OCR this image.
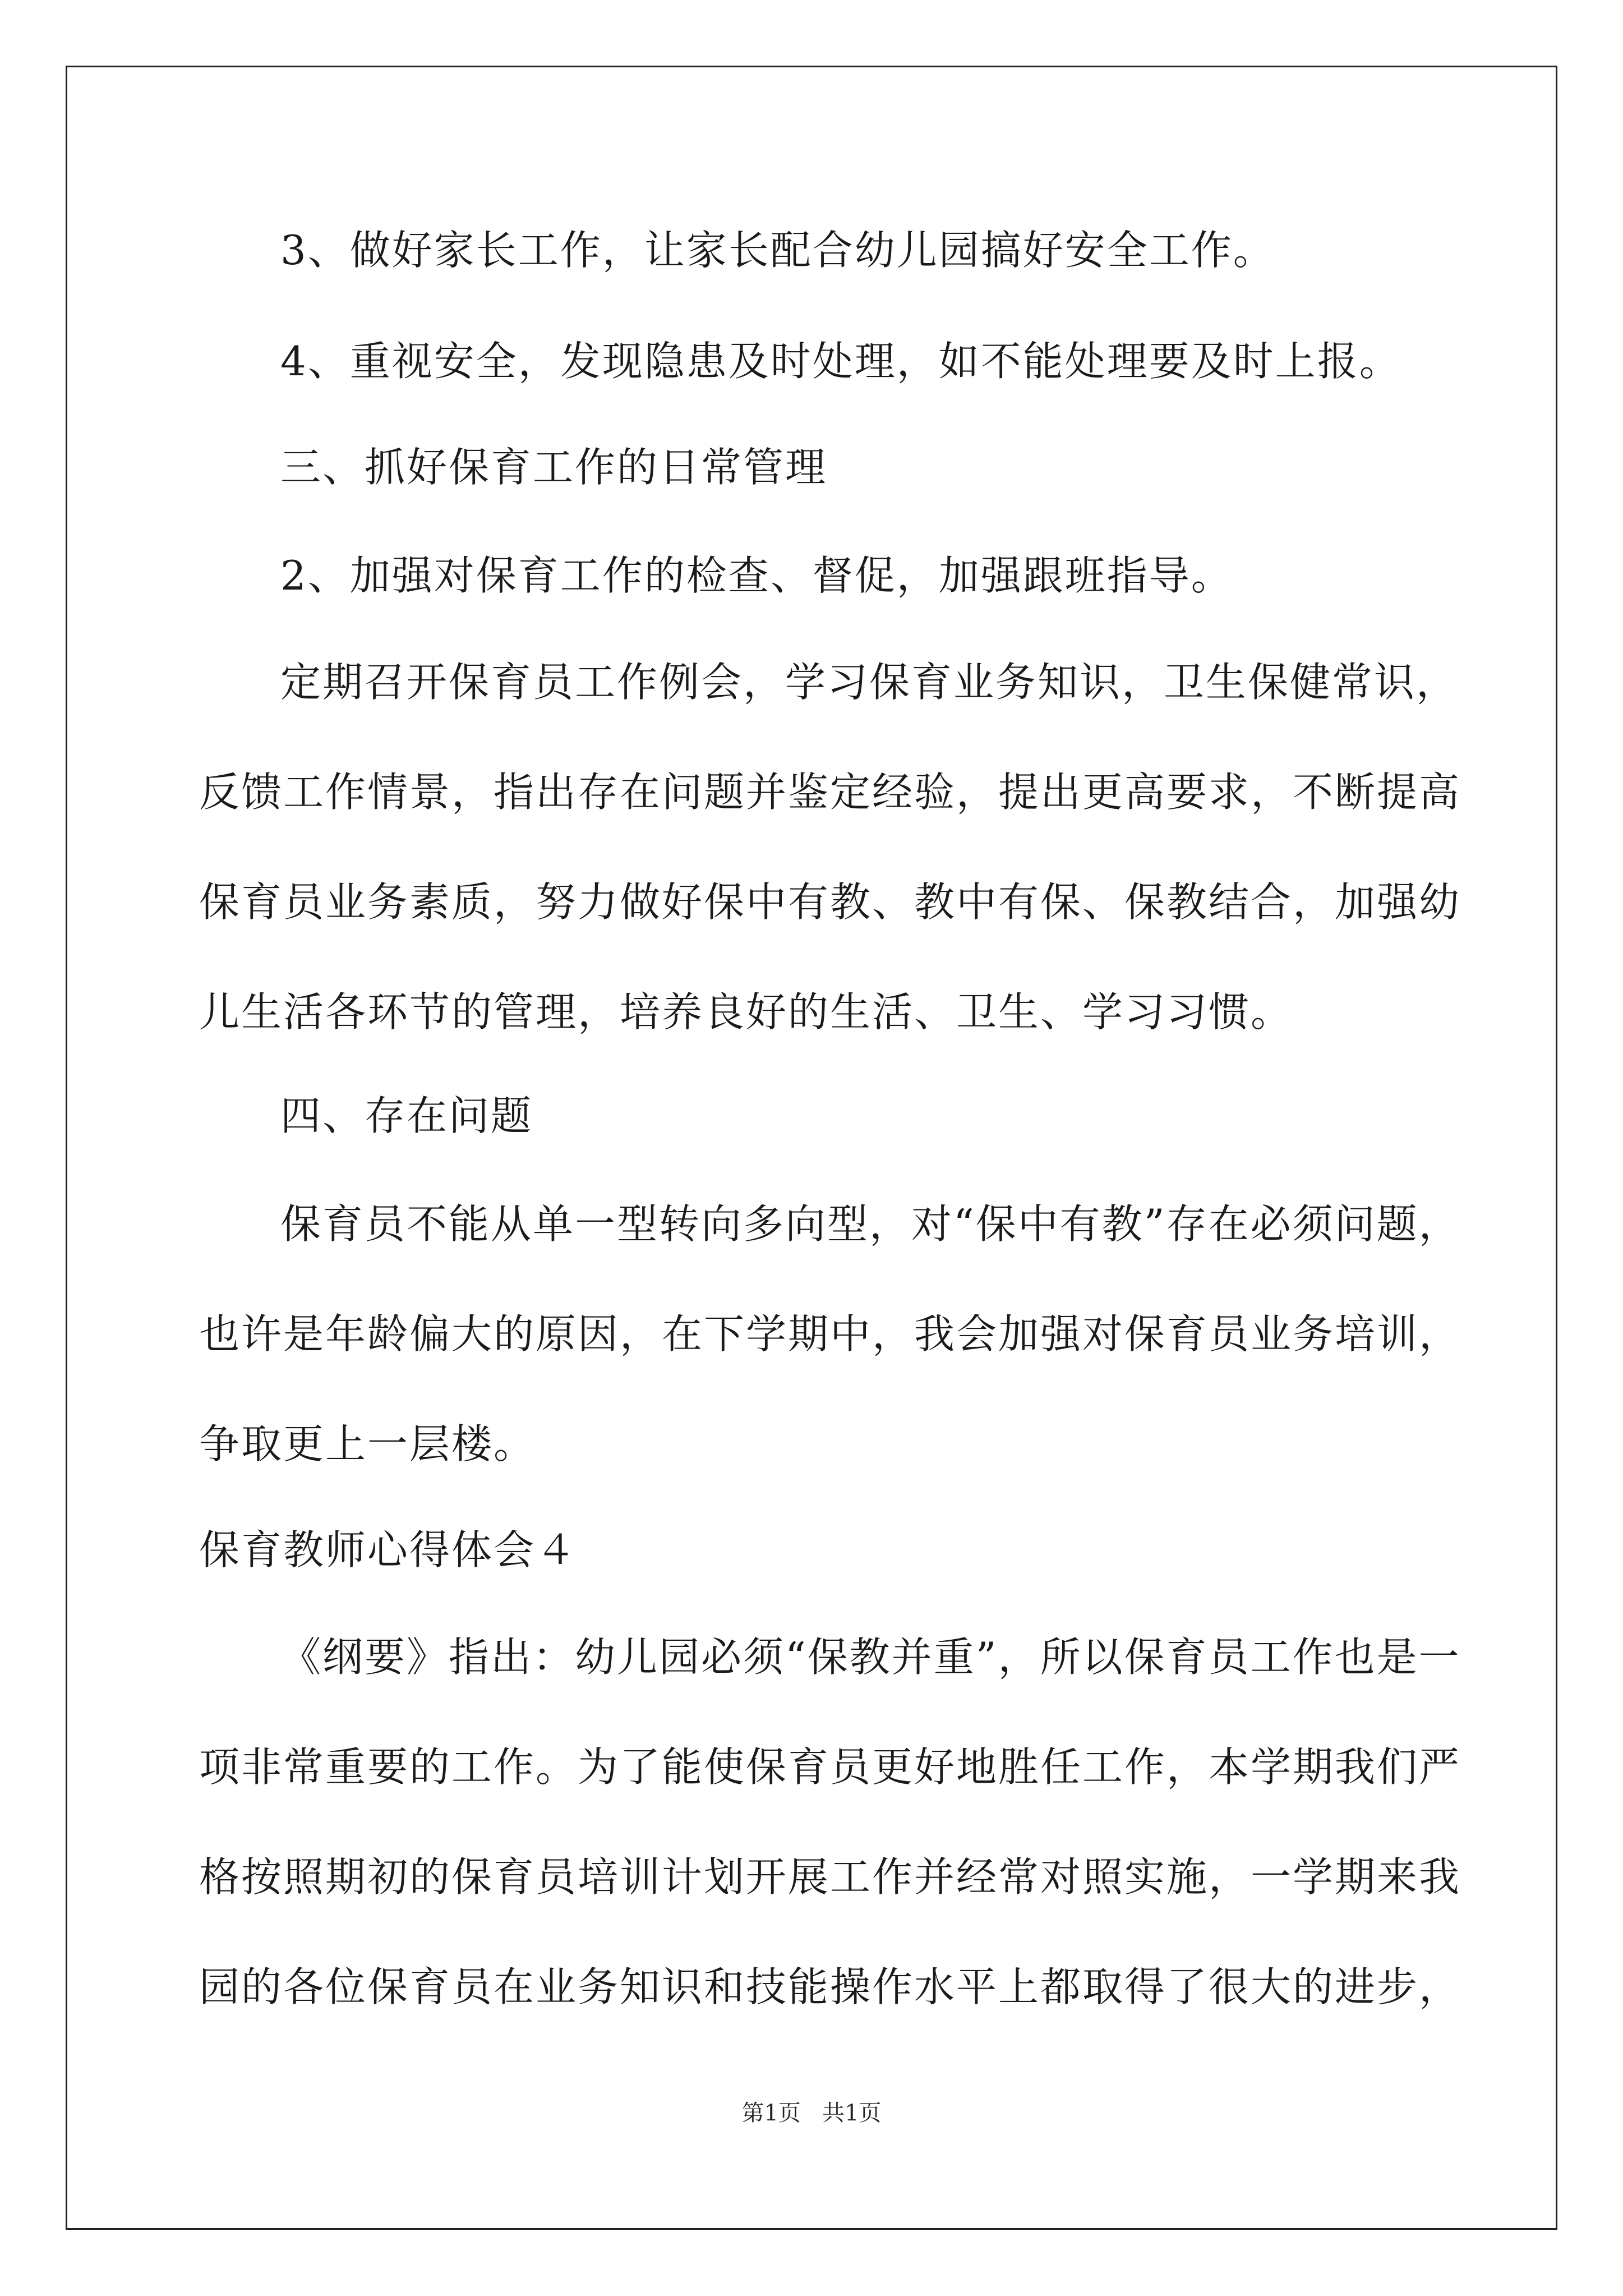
3、做好家长工作，让家长配合幼儿园搞好安全工作。

4、重视安全，发现隐患及时处理，如不能处理要及时上报。

三、抓好保育工作的日常管理

2、加强对保育工作的检查、督促，加强跟班指导。

定期召开保育员工作例会，学习保育业务知识，卫生保健常识，
反馈工作情景，指出存在问题并鉴定经验，提出更高要求，不断提高
保育员业务素质，努力做好保中有教、教中有保、保教结合，加强幼
儿生活各环节的管理，培养良好的生活、卫生、学习习惯。

四、存在问题

保育员不能从单一型转向多向型，对“保中有教”存在必须问题，
也许是年龄偏大的原因，在下学期中，我会加强对保育员业务培训，
争取更上一层楼。

保育教师心得体会４

《纲要》指出：幼儿园必须“保教并重”，所以保育员工作也是一
项非常重要的工作。为了能使保育员更好地胜任工作，本学期我们严
格按照期初的保育员培训计划开展工作并经常对照实施，一学期来我
园的各位保育员在业务知识和技能操作水平上都取得了很大的进步，
第1页   共1页
